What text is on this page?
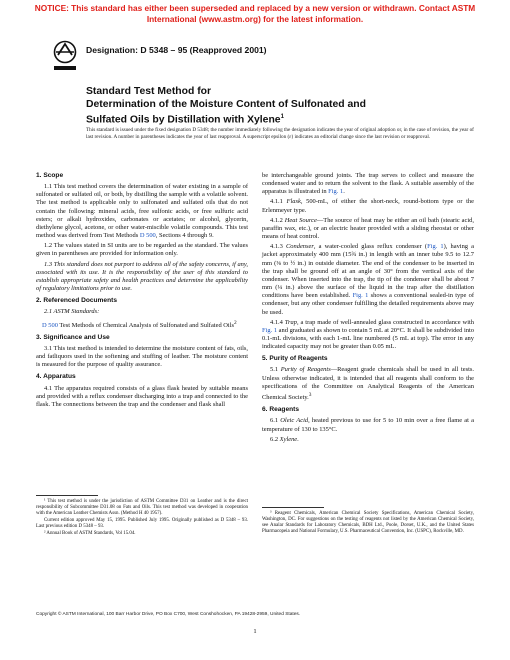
NOTICE: This standard has either been superseded and replaced by a new version or withdrawn. Contact ASTM
International (www.astm.org) for the latest information.
Designation: D 5348 – 95 (Reapproved 2001)
Standard Test Method for
Determination of the Moisture Content of Sulfonated and
Sulfated Oils by Distillation with Xylene$^1$
This standard is issued under the fixed designation D 5348; the number immediately following the designation indicates the year of original adoption or, in the case of revision, the year of last revision. A number in parentheses indicates the year of last reapproval. A superscript epsilon (ε) indicates an editorial change since the last revision or reapproval.
1. Scope

1.1 This test method covers the determination of water existing in a sample of sulfonated or sulfated oil, or both, by distilling the sample with a volatile solvent. The test method is applicable only to sulfonated and sulfated oils that do not contain the following: mineral acids, free sulfonic acids, or free sulfuric acid esters; or alkali hydroxides, carbonates or acetates; or alcohol, glycerin, diethylene glycol, acetone, or other water-miscible volatile compounds. This test method was derived from Test Methods D 500, Sections 4 through 9.

1.2 The values stated in SI units are to be regarded as the standard. The values given in parentheses are provided for information only.

1.3 This standard does not purport to address all of the safety concerns, if any, associated with its use. It is the responsibility of the user of this standard to establish appropriate safety and health practices and determine the applicability of regulatory limitations prior to use.

2. Referenced Documents

2.1 ASTM Standards:

D 500 Test Methods of Chemical Analysis of Sulfonated and Sulfated Oils$^2$

3. Significance and Use

3.1 This test method is intended to determine the moisture content of fats, oils, and fatliquors used in the softening and stuffing of leather. The moisture content is measured for the purpose of quality assurance.

4. Apparatus

4.1 The apparatus required consists of a glass flask heated by suitable means and provided with a reflux condenser discharging into a trap and connected to the flask. The connections between the trap and the condenser and flask shall

be interchangeable ground joints. The trap serves to collect and measure the condensed water and to return the solvent to the flask. A suitable assembly of the apparatus is illustrated in Fig. 1.

4.1.1 Flask, 500-mL, of either the short-neck, round-bottom type or the Erlenmeyer type.

4.1.2 Heat Source—The source of heat may be either an oil bath (stearic acid, paraffin wax, etc.), or an electric heater provided with a sliding rheostat or other means of heat control.

4.1.3 Condenser, a water-cooled glass reflux condenser (Fig. 1), having a jacket approximately 400 mm (15¾ in.) in length with an inner tube 9.5 to 12.7 mm (⅜ to ½ in.) in outside diameter. The end of the condenser to be inserted in the trap shall be ground off at an angle of 30° from the vertical axis of the condenser. When inserted into the trap, the tip of the condenser shall be about 7 mm (¼ in.) above the surface of the liquid in the trap after the distillation conditions have been established. Fig. 1 shows a conventional sealed-in type of condenser, but any other condenser fulfilling the detailed requirements above may be used.

4.1.4 Trap, a trap made of well-annealed glass constructed in accordance with Fig. 1 and graduated as shown to contain 5 mL at 20°C. It shall be subdivided into 0.1-mL divisions, with each 1-mL line numbered (5 mL at top). The error in any indicated capacity may not be greater than 0.05 mL.

5. Purity of Reagents

5.1 Purity of Reagents—Reagent grade chemicals shall be used in all tests. Unless otherwise indicated, it is intended that all reagents shall conform to the specifications of the Committee on Analytical Reagents of the American Chemical Society.$^3$

6. Reagents

6.1 Oleic Acid, heated previous to use for 5 to 10 min over a free flame at a temperature of 130 to 135°C.

6.2 Xylene.

¹ This test method is under the jurisdiction of ASTM Committee D31 on Leather and is the direct responsibility of Subcommittee D31.08 on Fats and Oils. This test method was developed in cooperation with the American Leather Chemists Assn. (Method H 40 1957).

Current edition approved May 15, 1995. Published July 1995. Originally published as D 5348 – 93. Last previous edition D 5348 – 93.

² Annual Book of ASTM Standards, Vol 15.04.

³ Reagent Chemicals, American Chemical Society Specifications, American Chemical Society, Washington, DC. For suggestions on the testing of reagents not listed by the American Chemical Society, see Analar Standards for Laboratory Chemicals, BDH Ltd., Poole, Dorset, U.K., and the United States Pharmacopeia and National Formulary, U.S. Pharmaceutical Convention, Inc. (USPC), Rockville, MD.

Copyright © ASTM International, 100 Barr Harbor Drive, PO Box C700, West Conshohocken, PA 19428-2959, United States.
1
